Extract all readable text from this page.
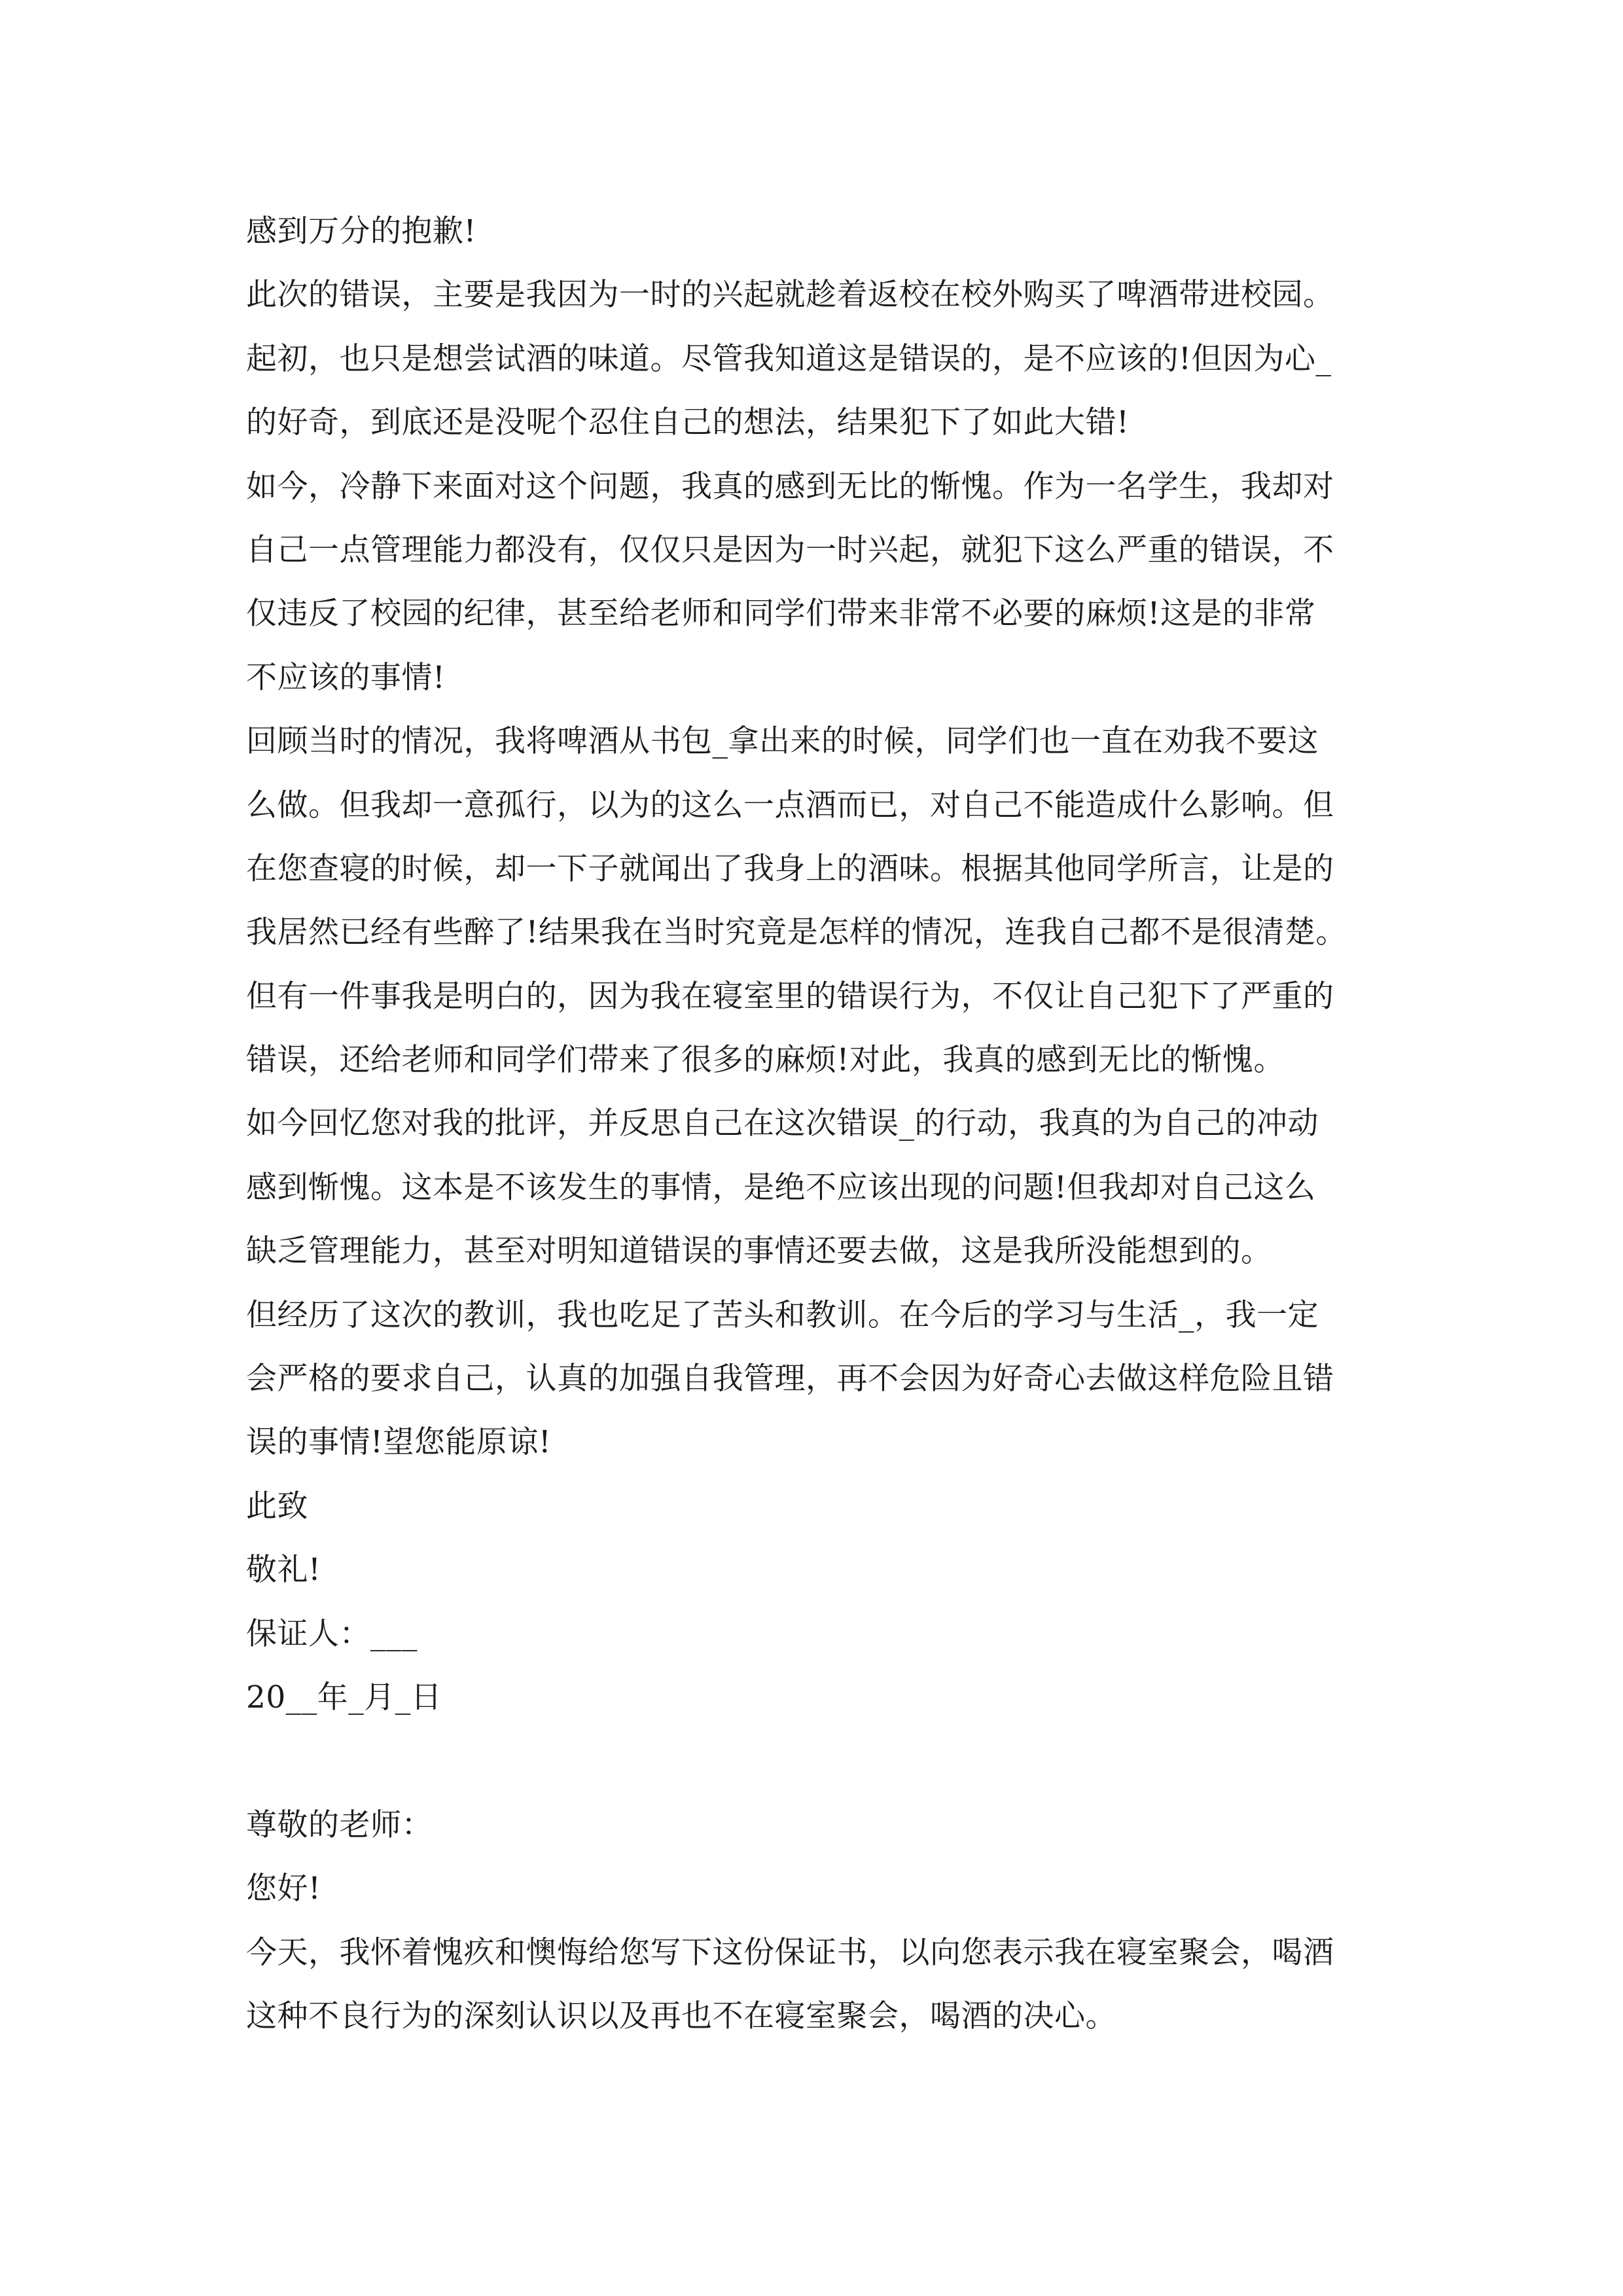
感到万分的抱歉!
此次的错误，主要是我因为一时的兴起就趁着返校在校外购买了啤酒带进校园。
起初，也只是想尝试酒的味道。尽管我知道这是错误的，是不应该的!但因为心_
的好奇，到底还是没呢个忍住自己的想法，结果犯下了如此大错!
如今，冷静下来面对这个问题，我真的感到无比的惭愧。作为一名学生，我却对
自己一点管理能力都没有，仅仅只是因为一时兴起，就犯下这么严重的错误，不
仅违反了校园的纪律，甚至给老师和同学们带来非常不必要的麻烦!这是的非常
不应该的事情!
回顾当时的情况，我将啤酒从书包_拿出来的时候，同学们也一直在劝我不要这
么做。但我却一意孤行，以为的这么一点酒而已，对自己不能造成什么影响。但
在您查寝的时候，却一下子就闻出了我身上的酒味。根据其他同学所言，让是的
我居然已经有些醉了!结果我在当时究竟是怎样的情况，连我自己都不是很清楚。
但有一件事我是明白的，因为我在寝室里的错误行为，不仅让自己犯下了严重的
错误，还给老师和同学们带来了很多的麻烦!对此，我真的感到无比的惭愧。
如今回忆您对我的批评，并反思自己在这次错误_的行动，我真的为自己的冲动
感到惭愧。这本是不该发生的事情，是绝不应该出现的问题!但我却对自己这么
缺乏管理能力，甚至对明知道错误的事情还要去做，这是我所没能想到的。
但经历了这次的教训，我也吃足了苦头和教训。在今后的学习与生活_，我一定
会严格的要求自己，认真的加强自我管理，再不会因为好奇心去做这样危险且错
误的事情!望您能原谅!
此致
敬礼!
保证人：___
20__年_月_日
尊敬的老师：
您好!
今天，我怀着愧疚和懊悔给您写下这份保证书，以向您表示我在寝室聚会，喝酒
这种不良行为的深刻认识以及再也不在寝室聚会，喝酒的决心。
